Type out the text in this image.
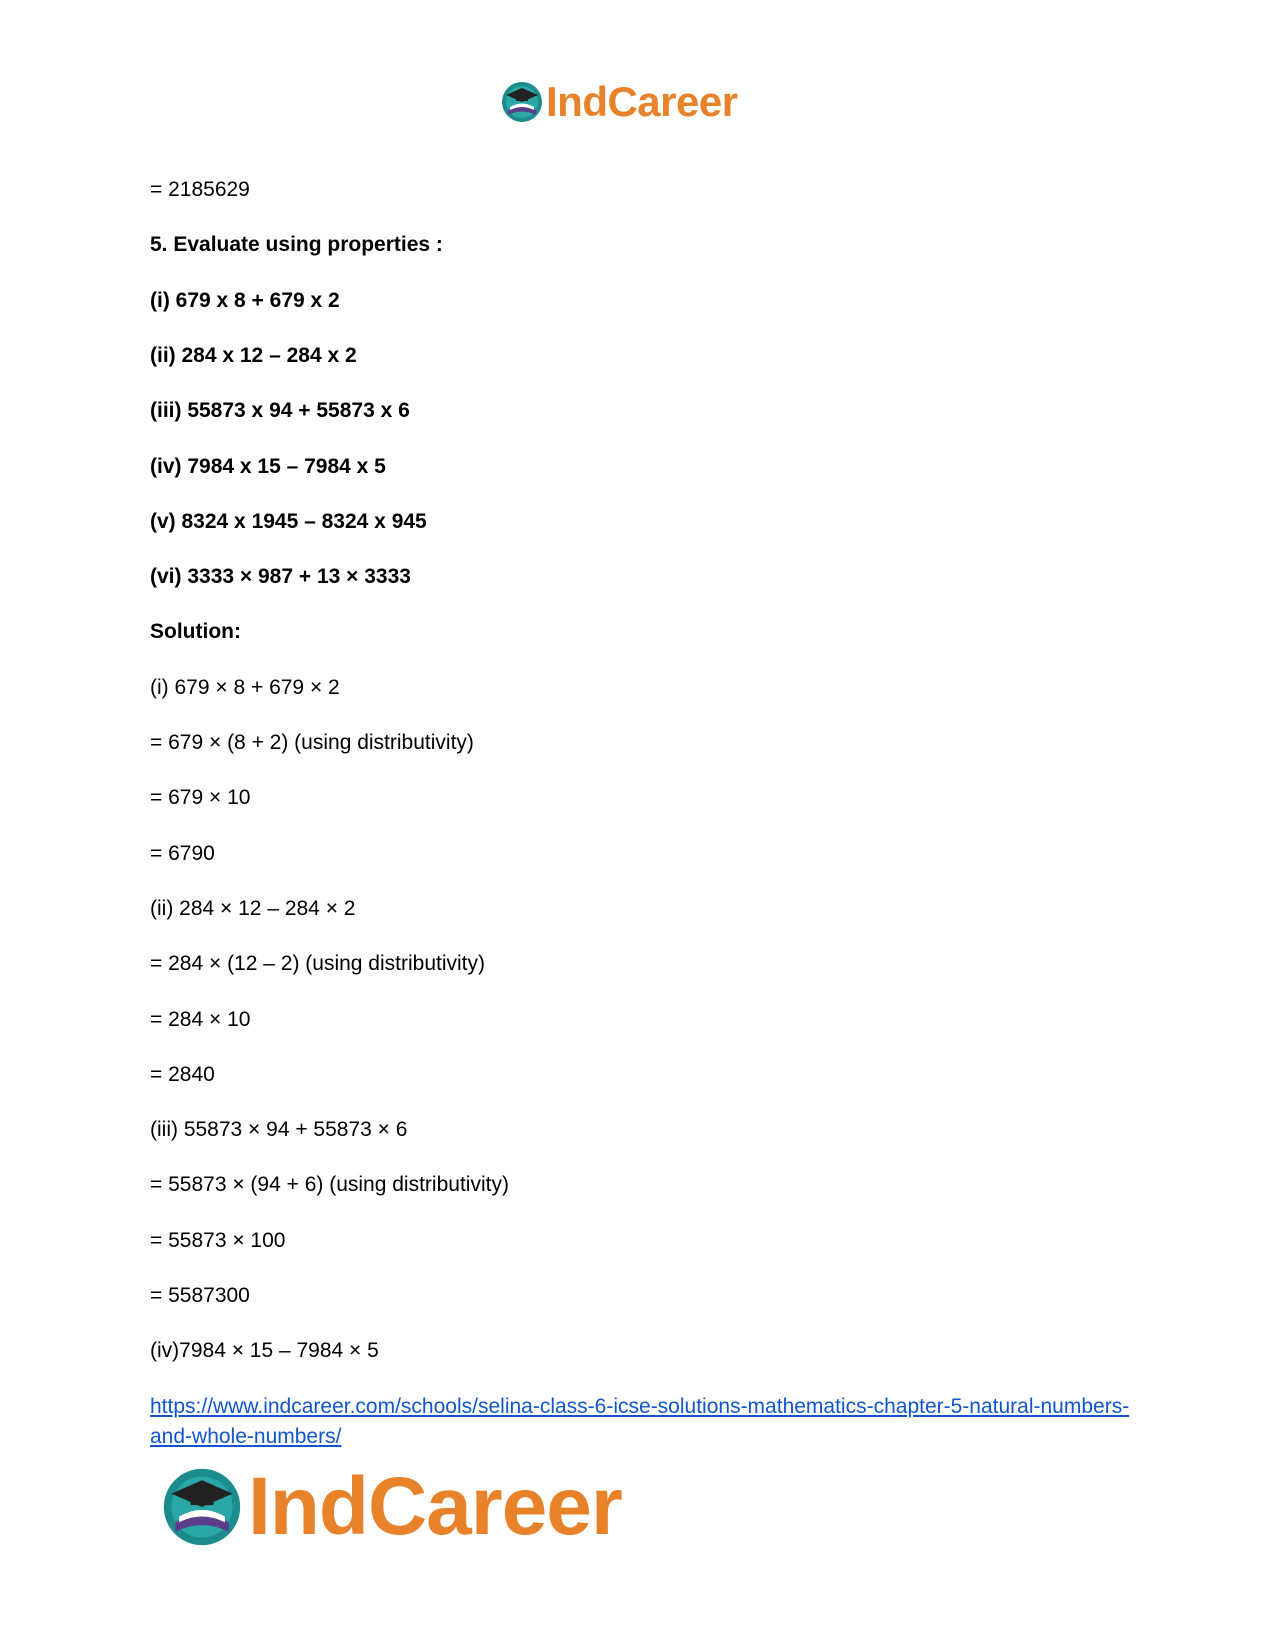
IndCareer
= 2185629
5. Evaluate using properties :
(i) 679 x 8 + 679 x 2
(ii) 284 x 12 – 284 x 2
(iii) 55873 x 94 + 55873 x 6
(iv) 7984 x 15 – 7984 x 5
(v) 8324 x 1945 – 8324 x 945
(vi) 3333 × 987 + 13 × 3333
Solution:
(i) 679 × 8 + 679 × 2
= 679 × (8 + 2) (using distributivity)
= 679 × 10
= 6790
(ii) 284 × 12 – 284 × 2
= 284 × (12 – 2) (using distributivity)
= 284 × 10
= 2840
(iii) 55873 × 94 + 55873 × 6
= 55873 × (94 + 6) (using distributivity)
= 55873 × 100
= 5587300
(iv)7984 × 15 – 7984 × 5
https://www.indcareer.com/schools/selina-class-6-icse-solutions-mathematics-chapter-5-natural-numbers-and-whole-numbers/
IndCareer
